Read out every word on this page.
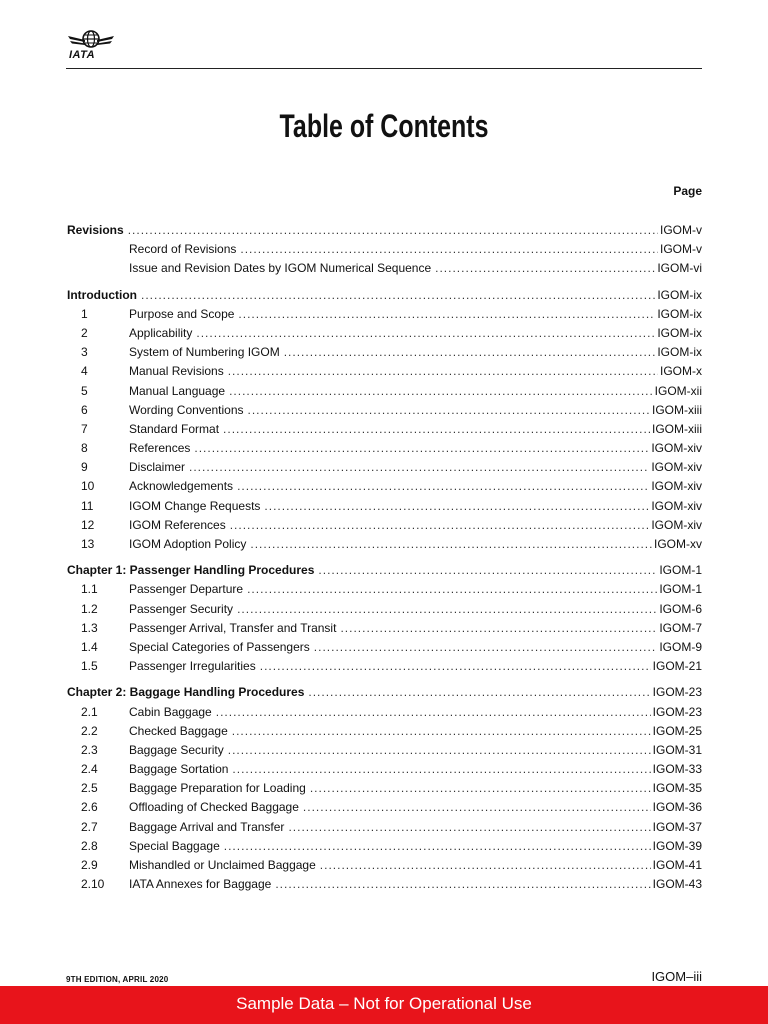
IATA
Table of Contents
Page
Revisions .....	IGOM-v
Record of Revisions .....	IGOM-v
Issue and Revision Dates by IGOM Numerical Sequence .....	IGOM-vi
Introduction .....	IGOM-ix
1	Purpose and Scope .....	IGOM-ix
2	Applicability .....	IGOM-ix
3	System of Numbering IGOM .....	IGOM-ix
4	Manual Revisions .....	IGOM-x
5	Manual Language .....	IGOM-xii
6	Wording Conventions .....	IGOM-xiii
7	Standard Format .....	IGOM-xiii
8	References .....	IGOM-xiv
9	Disclaimer .....	IGOM-xiv
10	Acknowledgements .....	IGOM-xiv
11	IGOM Change Requests .....	IGOM-xiv
12	IGOM References .....	IGOM-xiv
13	IGOM Adoption Policy .....	IGOM-xv
Chapter 1: Passenger Handling Procedures .....	IGOM-1
1.1	Passenger Departure .....	IGOM-1
1.2	Passenger Security .....	IGOM-6
1.3	Passenger Arrival, Transfer and Transit .....	IGOM-7
1.4	Special Categories of Passengers .....	IGOM-9
1.5	Passenger Irregularities .....	IGOM-21
Chapter 2: Baggage Handling Procedures .....	IGOM-23
2.1	Cabin Baggage .....	IGOM-23
2.2	Checked Baggage .....	IGOM-25
2.3	Baggage Security .....	IGOM-31
2.4	Baggage Sortation .....	IGOM-33
2.5	Baggage Preparation for Loading .....	IGOM-35
2.6	Offloading of Checked Baggage .....	IGOM-36
2.7	Baggage Arrival and Transfer .....	IGOM-37
2.8	Special Baggage .....	IGOM-39
2.9	Mishandled or Unclaimed Baggage .....	IGOM-41
2.10	IATA Annexes for Baggage .....	IGOM-43
9TH EDITION, APRIL 2020	IGOM–iii
Sample Data – Not for Operational Use
